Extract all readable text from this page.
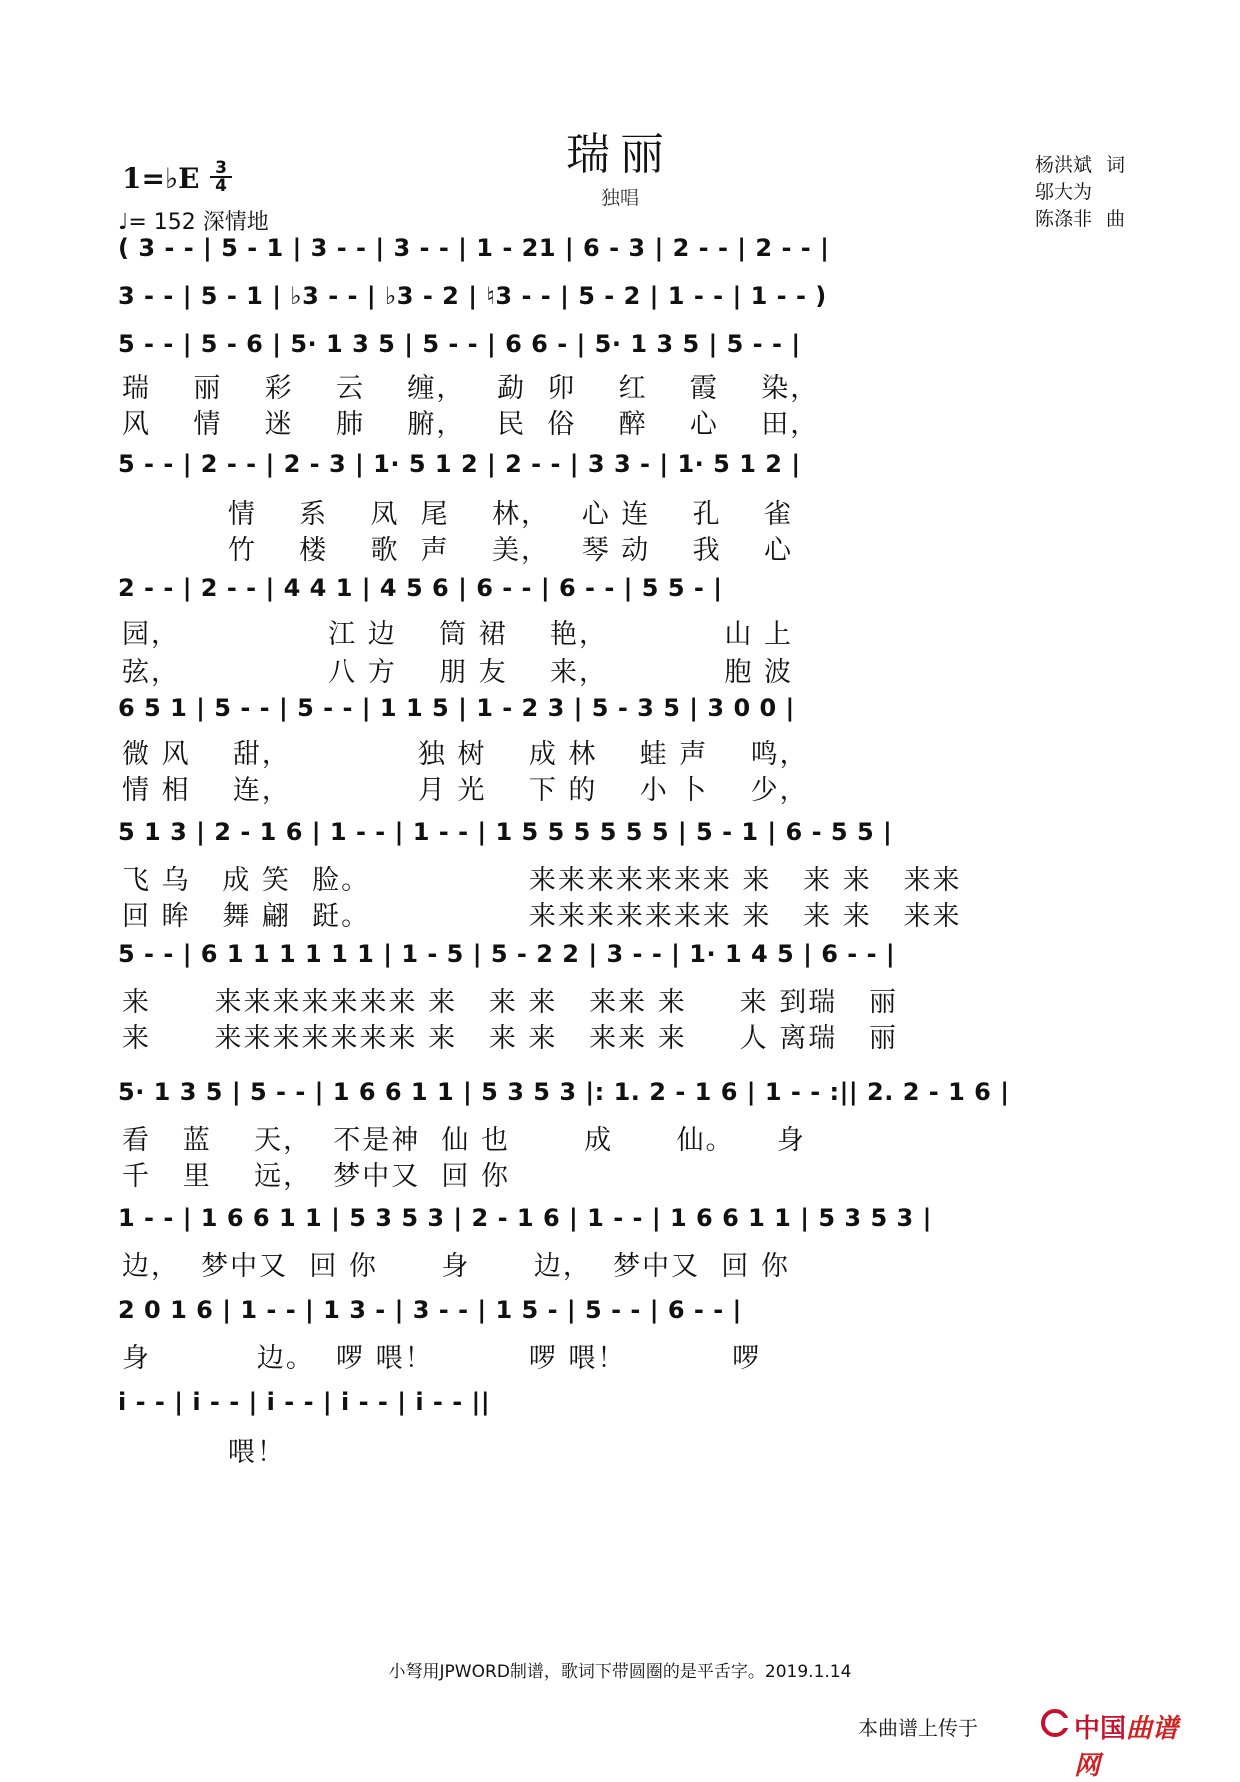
瑞丽
独唱
1=♭E 3
4
♩= 152 深情地
杨洪斌 词
邬大为
陈涤非 曲
( 3 - - | 5 - 1 | 3 - - | 3 - - | 1 - 21 | 6 - 3 | 2 - - | 2 - - |
3 - - | 5 - 1 | ♭3 - - | ♭3 - 2 | ♮3 - - | 5 - 2 | 1 - - | 1 - - )
5 - - | 5 - 6 | 5· 1 3 5 | 5 - - | 6 6 - | 5· 1 3 5 | 5 - - |
瑞    丽    彩    云    缠，   勐  卯    红    霞    染，
风    情    迷    肺    腑，   民  俗    醉    心    田，
5 - - | 2 - - | 2 - 3 | 1· 5 1 2 | 2 - - | 3 3 - | 1· 5 1 2 |
情    系    凤  尾    林，   心 连    孔    雀
竹    楼    歌  声    美，   琴 动    我    心
2 - - | 2 - - | 4 4 1 | 4 5 6 | 6 - - | 6 - - | 5 5 - |
园，              江 边    筒 裙    艳，           山 上
弦，              八 方    朋 友    来，           胞 波
6 5 1 | 5 - - | 5 - - | 1 1 5 | 1 - 2 3 | 5 - 3 5 | 3 0 0 |
微 风    甜，            独 树    成 林    蛙 声    鸣，
情 相    连，            月 光    下 的    小 卜    少，
5 1 3 | 2 - 1 6 | 1 - - | 1 - - | 1 5 5 5 5 5 5 | 5 - 1 | 6 - 5 5 |
飞 乌   成 笑  脸。               来来来来来来来 来   来 来   来来
回 眸   舞 翩  跹。               来来来来来来来 来   来 来   来来
5 - - | 6 1 1 1 1 1 1 | 1 - 5 | 5 - 2 2 | 3 - - | 1· 1 4 5 | 6 - - |
来      来来来来来来来 来   来 来   来来 来     来 到瑞   丽
来      来来来来来来来 来   来 来   来来 来     人 离瑞   丽
5· 1 3 5 | 5 - - | 1 6 6 1 1 | 5 3 5 3 |: 1. 2 - 1 6 | 1 - - :|| 2. 2 - 1 6 |
看   蓝    天，  不是神  仙 也       成      仙。    身
千   里    远，  梦中又  回 你
1 - - | 1 6 6 1 1 | 5 3 5 3 | 2 - 1 6 | 1 - - | 1 6 6 1 1 | 5 3 5 3 |
边，  梦中又  回 你      身      边，  梦中又  回 你
2 0 1 6 | 1 - - | 1 3 - | 3 - - | 1 5 - | 5 - - | 6 - - |
身          边。  啰 喂！         啰 喂！          啰
i - - | i - - | i - - | i - - | i - - ||
喂！
小弩用JPWORD制谱，歌词下带圆圈的是平舌字。2019.1.14
本曲谱上传于	中国曲谱网
